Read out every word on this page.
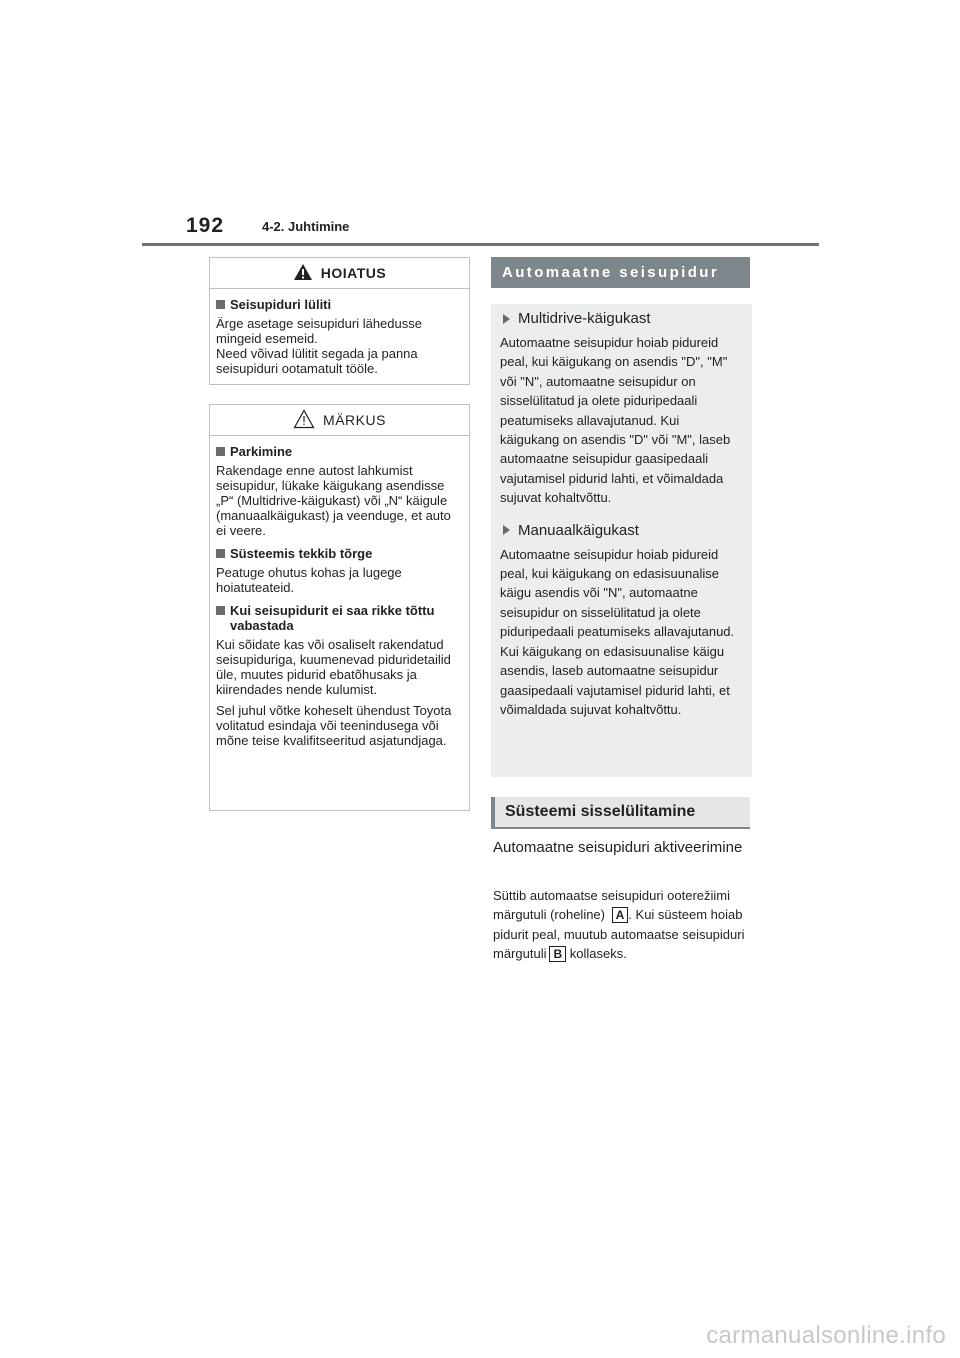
192	4-2. Juhtimine
HOIATUS
Seisupiduri lüliti

Ärge asetage seisupiduri lähedusse mingeid esemeid.
Need võivad lülitit segada ja panna seisupiduri ootamatult tööle.

MÄRKUS
Parkimine

Rakendage enne autost lahkumist seisupidur, lükake käigukang asendisse „P“ (Multidrive-käigukast) või „N“ käigule (manuaalkäigukast) ja veenduge, et auto ei veere.

Süsteemis tekkib tõrge

Peatuge ohutus kohas ja lugege hoiatuteateid.

Kui seisupidurit ei saa rikke tõttu vabastada

Kui sõidate kas või osaliselt rakendatud seisupiduriga, kuumenevad piduridetailid üle, muutes pidurid ebatõhusaks ja kiirendades nende kulumist.

Sel juhul võtke koheselt ühendust Toyota volitatud esindaja või teenindusega või mõne teise kvalifitseeritud asjatundjaga.

Automaatne seisupidur
Multidrive-käigukast

Automaatne seisupidur hoiab pidureid peal, kui käigukang on asendis "D", "M" või "N", automaatne seisupidur on sisselülitatud ja olete piduripedaali peatumiseks allavajutanud. Kui käigukang on asendis "D" või "M", laseb automaatne seisupidur gaasipedaali vajutamisel pidurid lahti, et võimaldada sujuvat kohaltvõttu.

Manuaalkäigukast

Automaatne seisupidur hoiab pidureid peal, kui käigukang on edasisuunalise käigu asendis või "N", automaatne seisupidur on sisselülitatud ja olete piduripedaali peatumiseks allavajutanud. Kui käigukang on edasisuunalise käigu asendis, laseb automaatne seisupidur gaasipedaali vajutamisel pidurid lahti, et võimaldada sujuvat kohaltvõttu.

Süsteemi sisselülitamine
Automaatne seisupiduri aktiveerimine
Süttib automaatse seisupiduri ooterežiimi märgutuli (roheline) A . Kui süsteem hoiab pidurit peal, muutub automaatse seisupiduri märgutuli B kollaseks.
carmanualsonline.info
